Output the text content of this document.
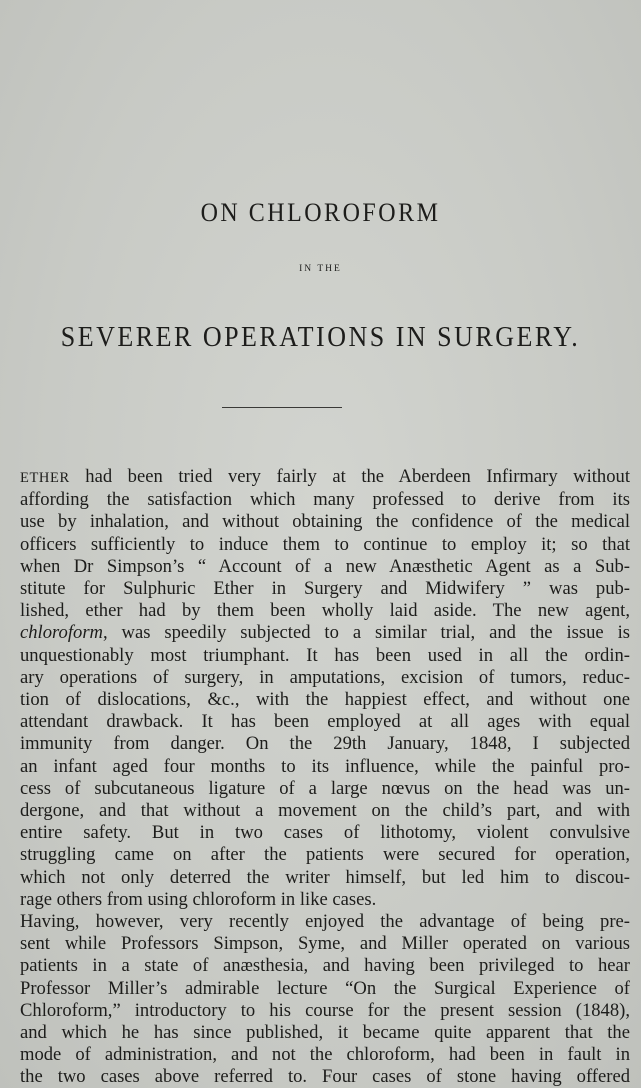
ON CHLOROFORM
IN THE
SEVERER OPERATIONS IN SURGERY.
ETHER had been tried very fairly at the Aberdeen Infirmary without
affording the satisfaction which many professed to derive from its
use by inhalation, and without obtaining the confidence of the medical
officers sufficiently to induce them to continue to employ it; so that
when Dr Simpson’s “ Account of a new Anæsthetic Agent as a Sub-
stitute for Sulphuric Ether in Surgery and Midwifery ” was pub-
lished, ether had by them been wholly laid aside. The new agent,
chloroform, was speedily subjected to a similar trial, and the issue is
unquestionably most triumphant. It has been used in all the ordin-
ary operations of surgery, in amputations, excision of tumors, reduc-
tion of dislocations, &c., with the happiest effect, and without one
attendant drawback. It has been employed at all ages with equal
immunity from danger. On the 29th January, 1848, I subjected
an infant aged four months to its influence, while the painful pro-
cess of subcutaneous ligature of a large nœvus on the head was un-
dergone, and that without a movement on the child’s part, and with
entire safety. But in two cases of lithotomy, violent convulsive
struggling came on after the patients were secured for operation,
which not only deterred the writer himself, but led him to discou-
rage others from using chloroform in like cases.
Having, however, very recently enjoyed the advantage of being pre-
sent while Professors Simpson, Syme, and Miller operated on various
patients in a state of anæsthesia, and having been privileged to hear
Professor Miller’s admirable lecture “On the Surgical Experience of
Chloroform,” introductory to his course for the present session (1848),
and which he has since published, it became quite apparent that the
mode of administration, and not the chloroform, had been in fault in
the two cases above referred to. Four cases of stone having offered
